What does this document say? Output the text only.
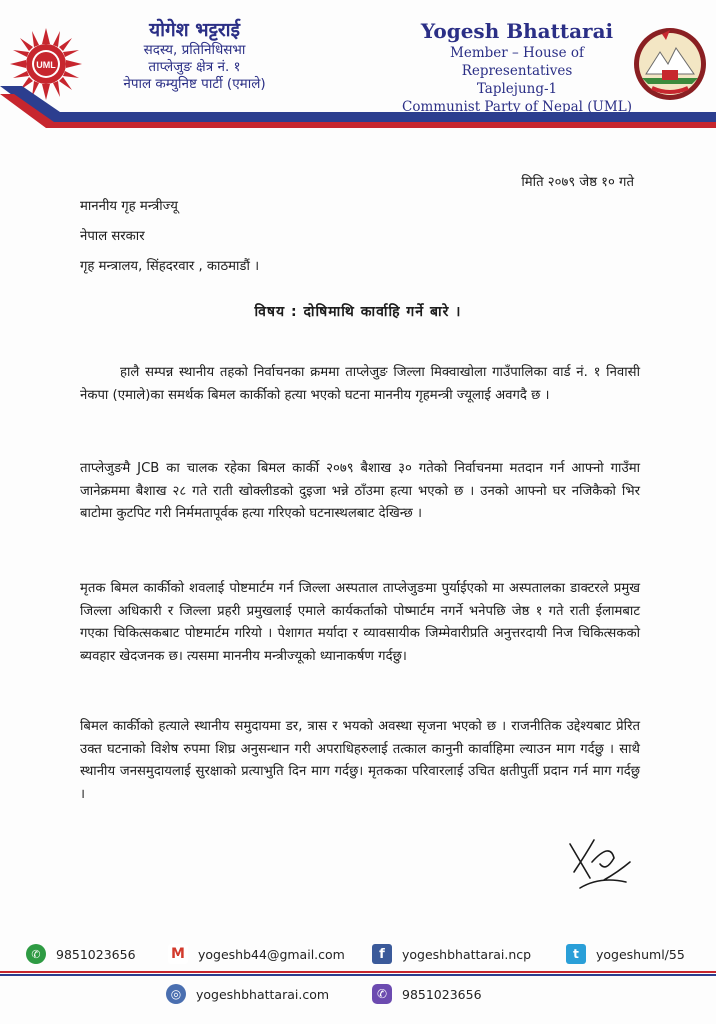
UML
योगेश भट्टराई
सदस्य, प्रतिनिधिसभा
ताप्लेजुङ क्षेत्र नं. १
नेपाल कम्युनिष्ट पार्टी (एमाले)
Yogesh Bhattarai
Member – House of Representatives
Taplejung-1
Communist Party of Nepal (UML)
मिति २०७९ जेष्ठ १० गते
माननीय गृह मन्त्रीज्यू
नेपाल सरकार
गृह मन्त्रालय, सिंहदरवार , काठमाडौं ।
विषय : दोषिमाथि कार्वाहि गर्ने बारे ।
हालै सम्पन्न स्थानीय तहको निर्वाचनका क्रममा ताप्लेजुङ जिल्ला मिक्वाखोला गाउँपालिका वार्ड नं. १ निवासी नेकपा (एमाले)का समर्थक बिमल कार्कीको हत्या भएको घटना माननीय गृहमन्त्री ज्यूलाई अवगदै छ ।
ताप्लेजुङमै JCB का चालक रहेका बिमल कार्की २०७९ बैशाख ३० गतेको निर्वाचनमा मतदान गर्न आफ्नो गाउँमा जानेक्रममा बैशाख २८ गते राती खोक्लीडको दुइजा भन्ने ठाँउमा हत्या भएको छ । उनको आफ्नो घर नजिकैको भिर बाटोमा कुटपिट गरी निर्ममतापूर्वक हत्या गरिएको घटनास्थलबाट देखिन्छ ।
मृतक बिमल कार्कीको शवलाई पोष्टमार्टम गर्न जिल्ला अस्पताल ताप्लेजुङमा पुर्याईएको मा अस्पतालका डाक्टरले प्रमुख जिल्ला अधिकारी र जिल्ला प्रहरी प्रमुखलाई एमाले कार्यकर्ताको पोष्मार्टम नगर्ने भनेपछि जेष्ठ १ गते राती ईलामबाट गएका चिकित्सकबाट पोष्टमार्टम गरियो । पेशागत मर्यादा र व्यावसायीक जिम्मेवारीप्रति अनुत्तरदायी निज चिकित्सकको ब्यवहार खेदजनक छ। त्यसमा माननीय मन्त्रीज्यूको ध्यानाकर्षण गर्दछु।
बिमल कार्कीको हत्याले स्थानीय समुदायमा डर, त्रास र भयको अवस्था सृजना भएको छ । राजनीतिक उद्देश्यबाट प्रेरित उक्त घटनाको विशेष रुपमा शिघ्र अनुसन्धान गरी अपराधिहरुलाई तत्काल कानुनी कार्वाहिमा ल्याउन माग गर्दछु । साथै स्थानीय जनसमुदायलाई सुरक्षाको प्रत्याभुति दिन माग गर्दछु। मृतकका परिवारलाई उचित क्षतीपुर्ती प्रदान गर्न माग गर्दछु ।
✆	9851023656	M yogeshb44@gmail.com	f	yogeshbhattarai.ncp	t	yogeshuml/55
◎	yogeshbhattarai.com	✆	9851023656
